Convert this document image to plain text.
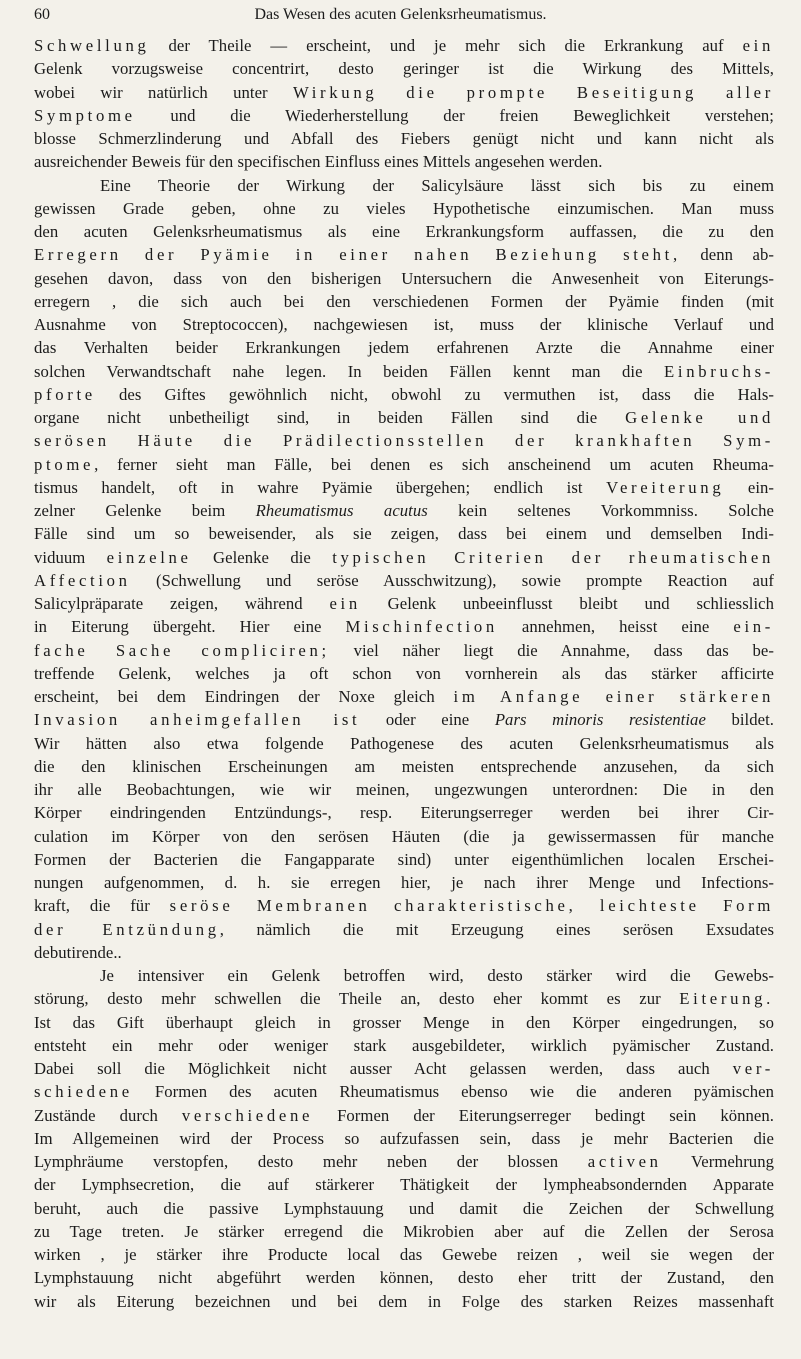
60	Das Wesen des acuten Gelenksrheumatismus.
Schwellung der Theile — erscheint, und je mehr sich die Erkrankung auf ein
Gelenk vorzugsweise concentrirt, desto geringer ist die Wirkung des Mittels,
wobei wir natürlich unter Wirkung die prompte Beseitigung aller
Symptome und die Wiederherstellung der freien Beweglichkeit verstehen;
blosse Schmerzlinderung und Abfall des Fiebers genügt nicht und kann nicht als
ausreichender Beweis für den specifischen Einfluss eines Mittels angesehen werden.
Eine Theorie der Wirkung der Salicylsäure lässt sich bis zu einem
gewissen Grade geben, ohne zu vieles Hypothetische einzumischen. Man muss
den acuten Gelenksrheumatismus als eine Erkrankungsform auffassen, die zu den
Erregern der Pyämie in einer nahen Beziehung steht, denn ab-
gesehen davon, dass von den bisherigen Untersuchern die Anwesenheit von Eiterungs-
erregern , die sich auch bei den verschiedenen Formen der Pyämie finden (mit
Ausnahme von Streptococcen), nachgewiesen ist, muss der klinische Verlauf und
das Verhalten beider Erkrankungen jedem erfahrenen Arzte die Annahme einer
solchen Verwandtschaft nahe legen. In beiden Fällen kennt man die Einbruchs-
pforte des Giftes gewöhnlich nicht, obwohl zu vermuthen ist, dass die Hals-
organe nicht unbetheiligt sind, in beiden Fällen sind die Gelenke und
serösen Häute die Prädilectionsstellen der krankhaften Sym-
ptome, ferner sieht man Fälle, bei denen es sich anscheinend um acuten Rheuma-
tismus handelt, oft in wahre Pyämie übergehen; endlich ist Vereiterung ein-
zelner Gelenke beim Rheumatismus acutus kein seltenes Vorkommniss. Solche
Fälle sind um so beweisender, als sie zeigen, dass bei einem und demselben Indi-
viduum einzelne Gelenke die typischen Criterien der rheumatischen
Affection (Schwellung und seröse Ausschwitzung), sowie prompte Reaction auf
Salicylpräparate zeigen, während ein Gelenk unbeeinflusst bleibt und schliesslich
in Eiterung übergeht. Hier eine Mischinfection annehmen, heisst eine ein-
fache Sache compliciren; viel näher liegt die Annahme, dass das be-
treffende Gelenk, welches ja oft schon von vornherein als das stärker afficirte
erscheint, bei dem Eindringen der Noxe gleich im Anfange einer stärkeren
Invasion anheimgefallen ist oder eine Pars minoris resistentiae bildet.
Wir hätten also etwa folgende Pathogenese des acuten Gelenksrheumatismus als
die den klinischen Erscheinungen am meisten entsprechende anzusehen, da sich
ihr alle Beobachtungen, wie wir meinen, ungezwungen unterordnen: Die in den
Körper eindringenden Entzündungs-, resp. Eiterungserreger werden bei ihrer Cir-
culation im Körper von den serösen Häuten (die ja gewissermassen für manche
Formen der Bacterien die Fangapparate sind) unter eigenthümlichen localen Erschei-
nungen aufgenommen, d. h. sie erregen hier, je nach ihrer Menge und Infections-
kraft, die für seröse Membranen charakteristische, leichteste Form
der Entzündung, nämlich die mit Erzeugung eines serösen Exsudates
debutirende..
Je intensiver ein Gelenk betroffen wird, desto stärker wird die Gewebs-
störung, desto mehr schwellen die Theile an, desto eher kommt es zur Eiterung.
Ist das Gift überhaupt gleich in grosser Menge in den Körper eingedrungen, so
entsteht ein mehr oder weniger stark ausgebildeter, wirklich pyämischer Zustand.
Dabei soll die Möglichkeit nicht ausser Acht gelassen werden, dass auch ver-
schiedene Formen des acuten Rheumatismus ebenso wie die anderen pyämischen
Zustände durch verschiedene Formen der Eiterungserreger bedingt sein können.
Im Allgemeinen wird der Process so aufzufassen sein, dass je mehr Bacterien die
Lymphräume verstopfen, desto mehr neben der blossen activen Vermehrung
der Lymphsecretion, die auf stärkerer Thätigkeit der lympheabsondernden Apparate
beruht, auch die passive Lymphstauung und damit die Zeichen der Schwellung
zu Tage treten. Je stärker erregend die Mikrobien aber auf die Zellen der Serosa
wirken , je stärker ihre Producte local das Gewebe reizen , weil sie wegen der
Lymphstauung nicht abgeführt werden können, desto eher tritt der Zustand, den
wir als Eiterung bezeichnen und bei dem in Folge des starken Reizes massenhaft
